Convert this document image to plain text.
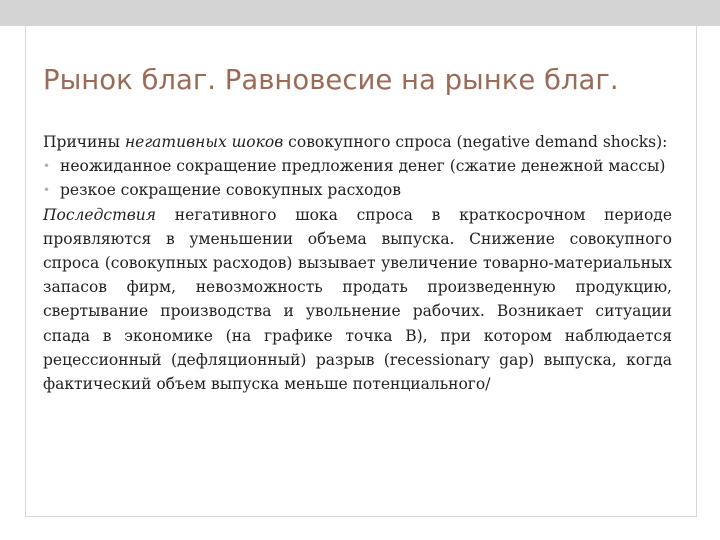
Рынок благ. Равновесие на рынке благ.

Причины негативных шоков совокупного спроса (negative demand shocks):

• неожиданное сокращение предложения денег (сжатие денежной массы)

• резкое сокращение совокупных расходов

Последствия негативного шока спроса в краткосрочном периоде проявляются в уменьшении объема выпуска. Снижение совокупного спроса (совокупных расходов) вызывает увеличение товарно-материальных запасов фирм, невозможность продать произведенную продукцию, свертывание производства и увольнение рабочих. Возникает ситуации спада в экономике (на графике точка В), при котором наблюдается рецессионный (дефляционный) разрыв (recessionary gap) выпуска, когда фактический объем выпуска меньше потенциального/
